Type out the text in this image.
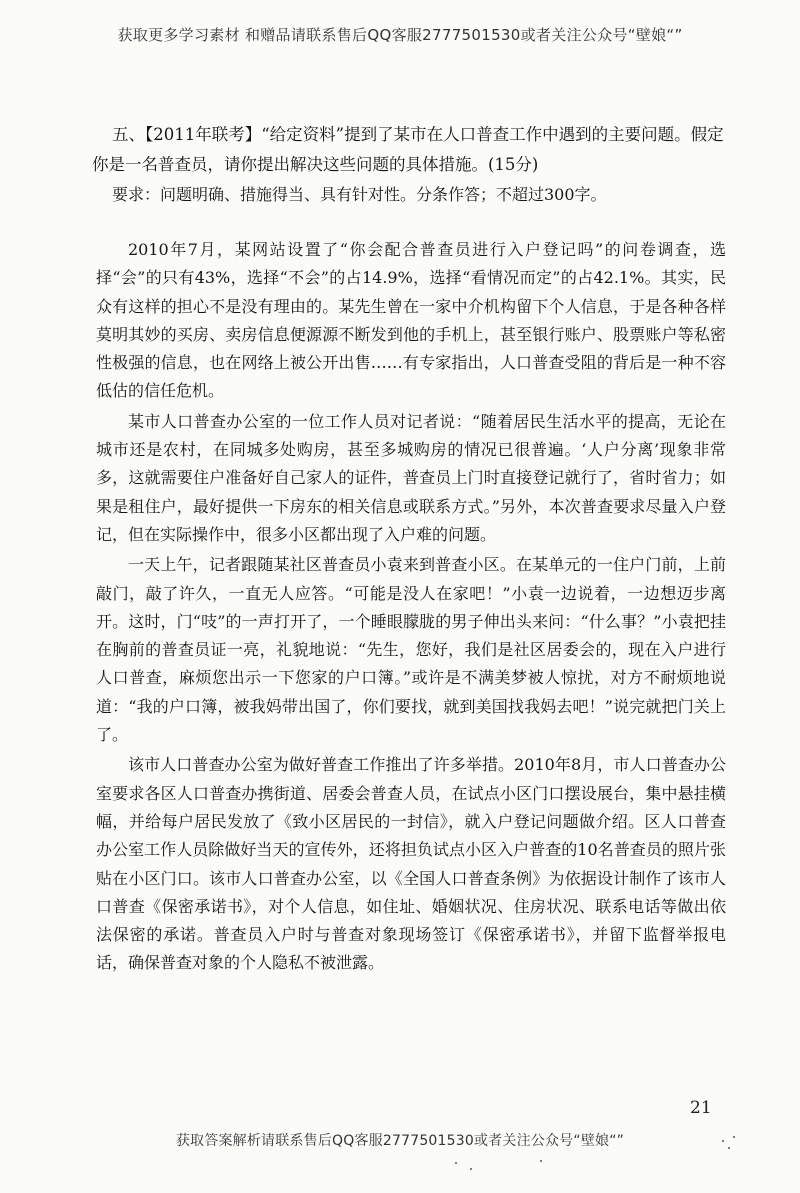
获取更多学习素材 和赠品请联系售后QQ客服2777501530或者关注公众号“壁娘“”

五、【2011年联考】“给定资料”提到了某市在人口普查工作中遇到的主要问题。假定

你是一名普查员，请你提出解决这些问题的具体措施。(15分)

要求：问题明确、措施得当、具有针对性。分条作答；不超过300字。

2010年7月，某网站设置了“你会配合普查员进行入户登记吗”的问卷调查，选择“会”的只有43%，选择“不会”的占14.9%，选择“看情况而定”的占42.1%。其实，民众有这样的担心不是没有理由的。某先生曾在一家中介机构留下个人信息，于是各种各样莫明其妙的买房、卖房信息便源源不断发到他的手机上，甚至银行账户、股票账户等私密性极强的信息，也在网络上被公开出售……有专家指出，人口普查受阻的背后是一种不容低估的信任危机。

某市人口普查办公室的一位工作人员对记者说：“随着居民生活水平的提高，无论在城市还是农村，在同城多处购房，甚至多城购房的情况已很普遍。‘人户分离’现象非常多，这就需要住户准备好自己家人的证件，普查员上门时直接登记就行了，省时省力；如果是租住户，最好提供一下房东的相关信息或联系方式。”另外，本次普查要求尽量入户登记，但在实际操作中，很多小区都出现了入户难的问题。

一天上午，记者跟随某社区普查员小袁来到普查小区。在某单元的一住户门前，上前敲门，敲了许久，一直无人应答。“可能是没人在家吧！”小袁一边说着，一边想迈步离开。这时，门“吱”的一声打开了，一个睡眼朦胧的男子伸出头来问：“什么事？”小袁把挂在胸前的普查员证一亮，礼貌地说：“先生，您好，我们是社区居委会的，现在入户进行人口普查，麻烦您出示一下您家的户口簿。”或许是不满美梦被人惊扰，对方不耐烦地说道：“我的户口簿，被我妈带出国了，你们要找，就到美国找我妈去吧！”说完就把门关上了。

该市人口普查办公室为做好普查工作推出了许多举措。2010年8月，市人口普查办公室要求各区人口普查办携街道、居委会普查人员，在试点小区门口摆设展台，集中悬挂横幅，并给每户居民发放了《致小区居民的一封信》，就入户登记问题做介绍。区人口普查办公室工作人员除做好当天的宣传外，还将担负试点小区入户普查的10名普查员的照片张贴在小区门口。该市人口普查办公室，以《全国人口普查条例》为依据设计制作了该市人口普查《保密承诺书》，对个人信息，如住址、婚姻状况、住房状况、联系电话等做出依法保密的承诺。普查员入户时与普查对象现场签订《保密承诺书》，并留下监督举报电话，确保普查对象的个人隐私不被泄露。

21
获取答案解析请联系售后QQ客服2777501530或者关注公众号“壁娘“”
